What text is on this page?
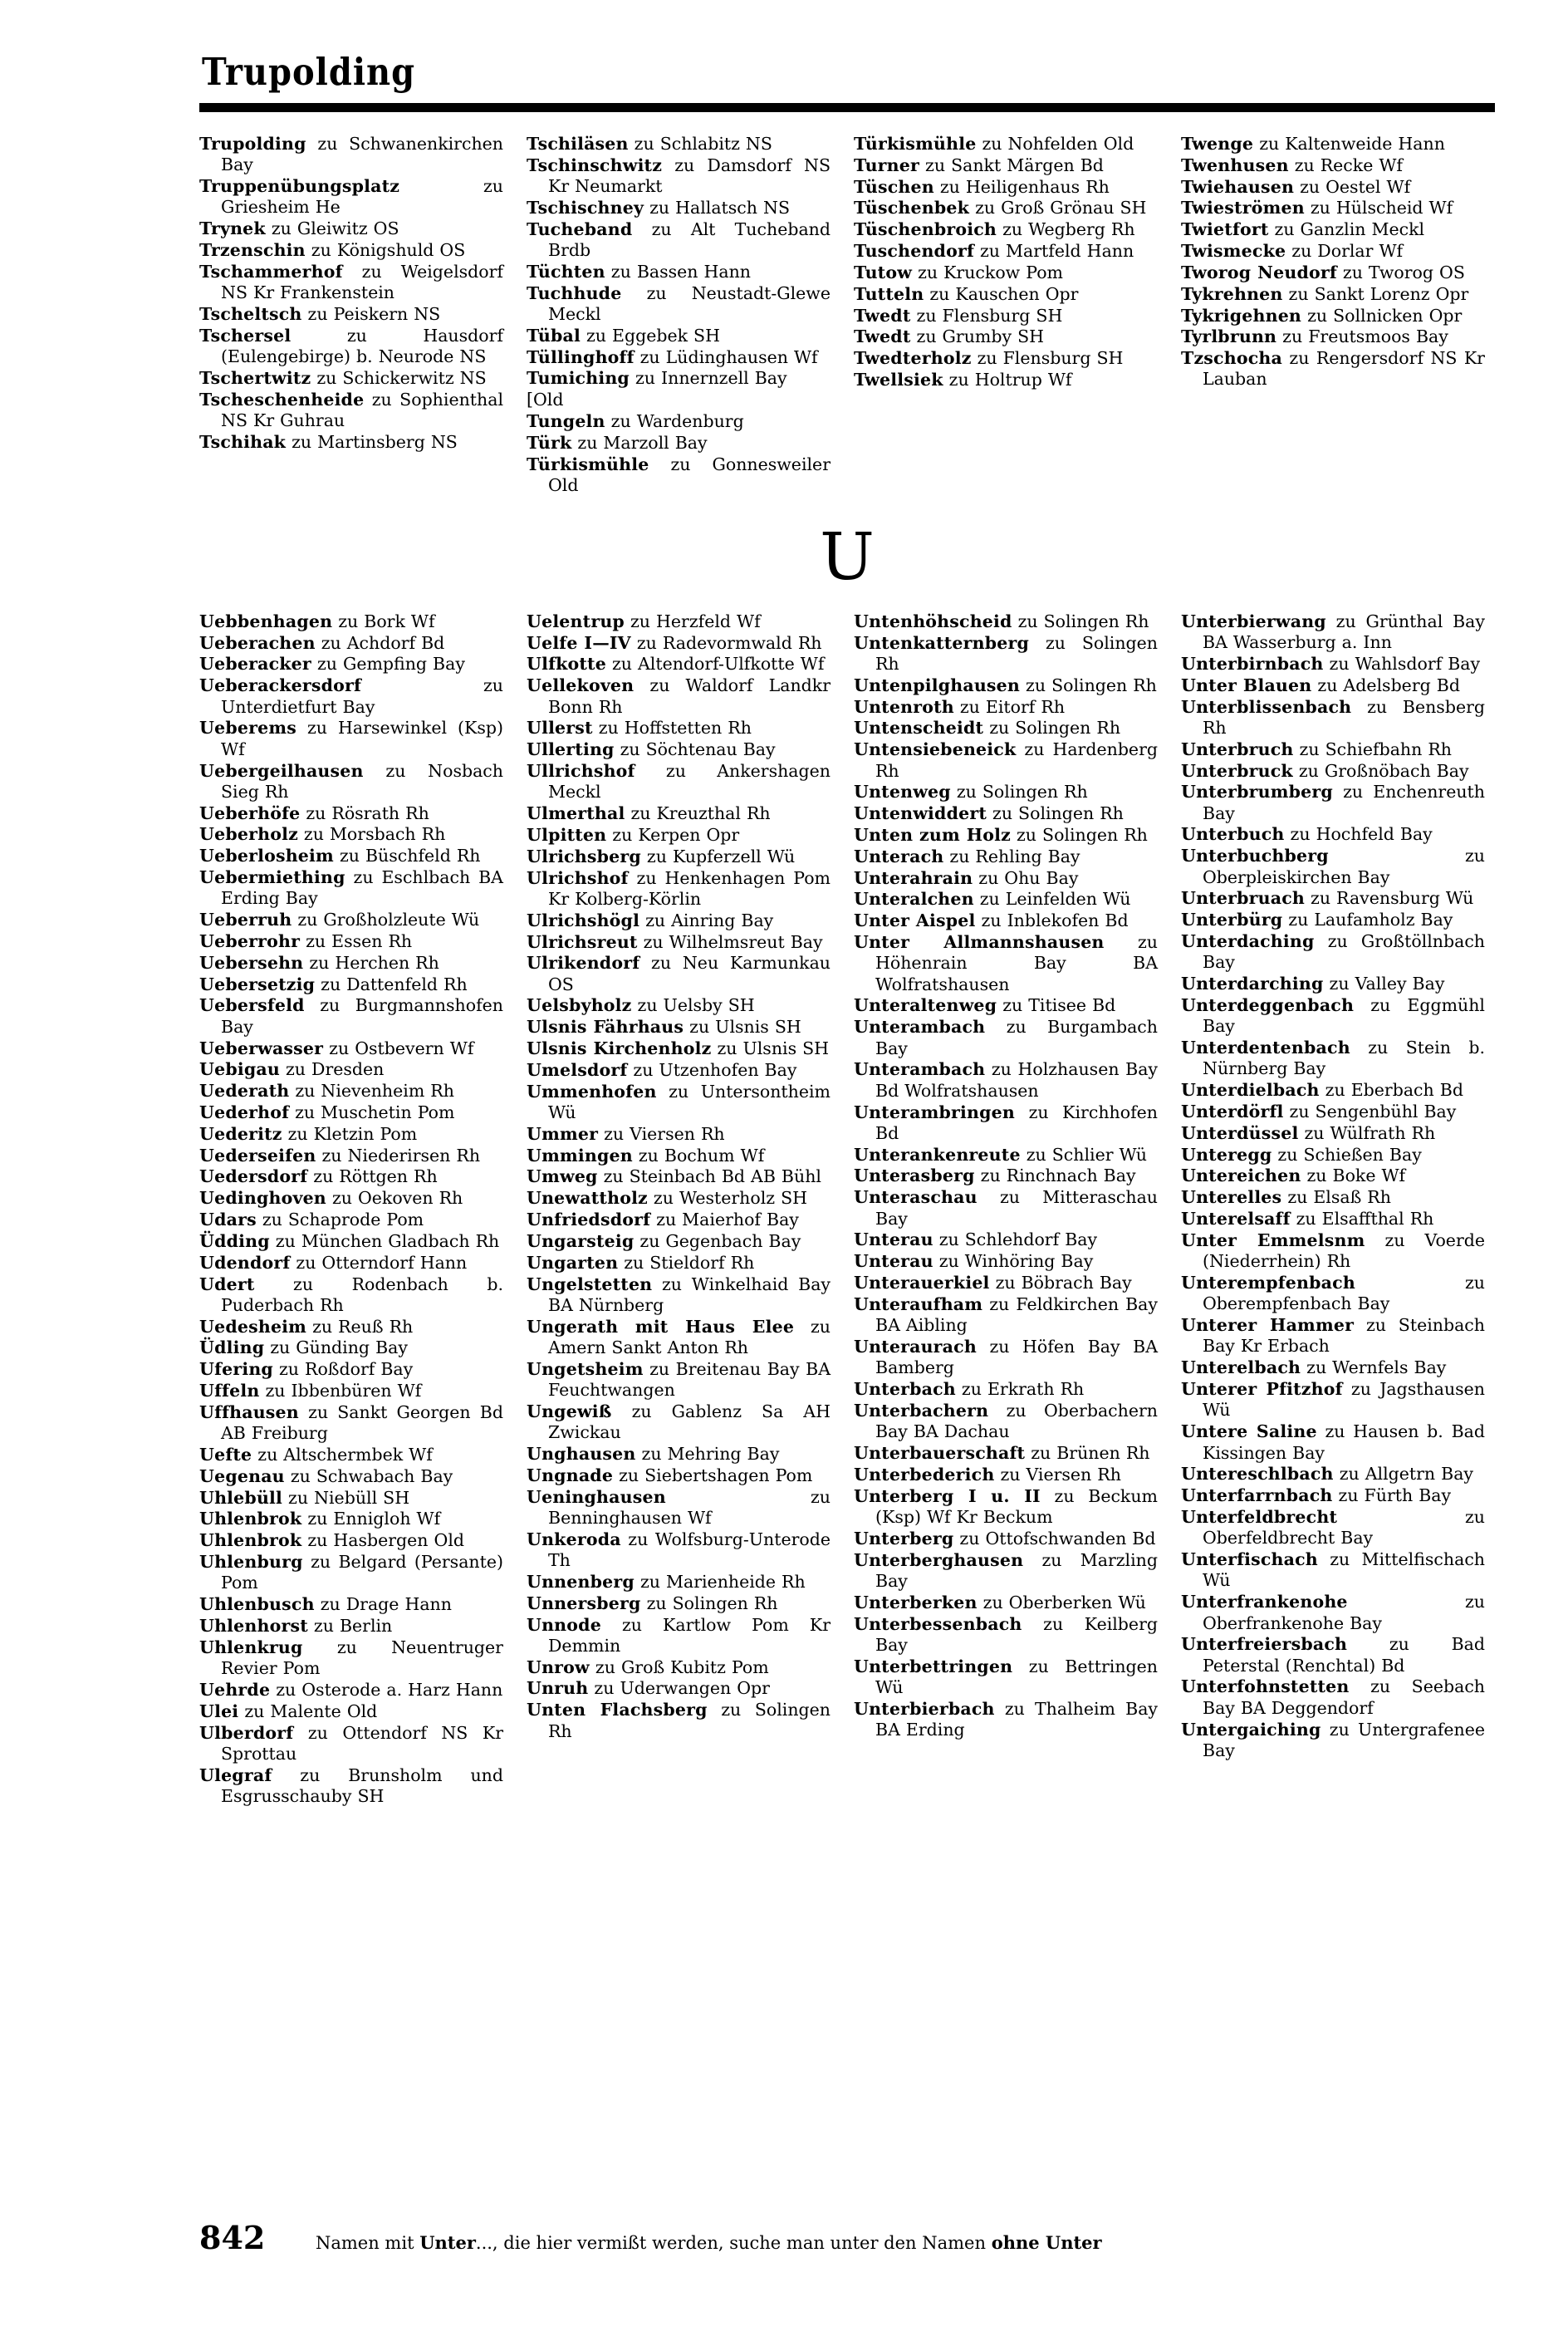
Trupolding

Trupolding zu Schwanenkirchen Bay

Truppenübungsplatz zu Griesheim He

Trynek zu Gleiwitz OS

Trzenschin zu Königshuld OS

Tschammerhof zu Weigelsdorf NS Kr Frankenstein

Tscheltsch zu Peiskern NS

Tschersel zu Hausdorf (Eulengebirge) b. Neurode NS

Tschertwitz zu Schickerwitz NS

Tscheschenheide zu Sophienthal NS Kr Guhrau

Tschihak zu Martinsberg NS

Tschiläsen zu Schlabitz NS

Tschinschwitz zu Damsdorf NS Kr Neumarkt

Tschischney zu Hallatsch NS

Tucheband zu Alt Tucheband Brdb

Tüchten zu Bassen Hann

Tuchhude zu Neustadt-Glewe Meckl

Tübal zu Eggebek SH

Tüllinghoff zu Lüdinghausen Wf

Tumiching zu Innernzell Bay

[Old

Tungeln zu Wardenburg

Türk zu Marzoll Bay

Türkismühle zu Gonnesweiler Old

Türkismühle zu Nohfelden Old

Turner zu Sankt Märgen Bd

Tüschen zu Heiligenhaus Rh

Tüschenbek zu Groß Grönau SH

Tüschenbroich zu Wegberg Rh

Tuschendorf zu Martfeld Hann

Tutow zu Kruckow Pom

Tutteln zu Kauschen Opr

Twedt zu Flensburg SH

Twedt zu Grumby SH

Twedterholz zu Flensburg SH

Twellsiek zu Holtrup Wf

Twenge zu Kaltenweide Hann

Twenhusen zu Recke Wf

Twiehausen zu Oestel Wf

Twieströmen zu Hülscheid Wf

Twietfort zu Ganzlin Meckl

Twismecke zu Dorlar Wf

Tworog Neudorf zu Tworog OS

Tykrehnen zu Sankt Lorenz Opr

Tykrigehnen zu Sollnicken Opr

Tyrlbrunn zu Freutsmoos Bay

Tzschocha zu Rengersdorf NS Kr Lauban

U

Uebbenhagen zu Bork Wf

Ueberachen zu Achdorf Bd

Ueberacker zu Gempfing Bay

Ueberackersdorf zu Unterdietfurt Bay

Ueberems zu Harsewinkel (Ksp) Wf

Uebergeilhausen zu Nosbach Sieg Rh

Ueberhöfe zu Rösrath Rh

Ueberholz zu Morsbach Rh

Ueberlosheim zu Büschfeld Rh

Uebermiething zu Eschlbach BA Erding Bay

Ueberruh zu Großholzleute Wü

Ueberrohr zu Essen Rh

Uebersehn zu Herchen Rh

Uebersetzig zu Dattenfeld Rh

Uebersfeld zu Burgmannshofen Bay

Ueberwasser zu Ostbevern Wf

Uebigau zu Dresden

Uederath zu Nievenheim Rh

Uederhof zu Muschetin Pom

Uederitz zu Kletzin Pom

Uederseifen zu Niederirsen Rh

Uedersdorf zu Röttgen Rh

Uedinghoven zu Oekoven Rh

Udars zu Schaprode Pom

Üdding zu München Gladbach Rh

Udendorf zu Otterndorf Hann

Udert zu Rodenbach b. Puderbach Rh

Uedesheim zu Reuß Rh

Üdling zu Günding Bay

Ufering zu Roßdorf Bay

Uffeln zu Ibbenbüren Wf

Uffhausen zu Sankt Georgen Bd AB Freiburg

Uefte zu Altschermbek Wf

Uegenau zu Schwabach Bay

Uhlebüll zu Niebüll SH

Uhlenbrok zu Ennigloh Wf

Uhlenbrok zu Hasbergen Old

Uhlenburg zu Belgard (Persante) Pom

Uhlenbusch zu Drage Hann

Uhlenhorst zu Berlin

Uhlenkrug zu Neuentruger Revier Pom

Uehrde zu Osterode a. Harz Hann

Ulei zu Malente Old

Ulberdorf zu Ottendorf NS Kr Sprottau

Ulegraf zu Brunsholm und Esgrusschauby SH

Uelentrup zu Herzfeld Wf

Uelfe I—IV zu Radevormwald Rh

Ulfkotte zu Altendorf-Ulfkotte Wf

Uellekoven zu Waldorf Landkr Bonn Rh

Ullerst zu Hoffstetten Rh

Ullerting zu Söchtenau Bay

Ullrichshof zu Ankershagen Meckl

Ulmerthal zu Kreuzthal Rh

Ulpitten zu Kerpen Opr

Ulrichsberg zu Kupferzell Wü

Ulrichshof zu Henkenhagen Pom Kr Kolberg-Körlin

Ulrichshögl zu Ainring Bay

Ulrichsreut zu Wilhelmsreut Bay

Ulrikendorf zu Neu Karmunkau OS

Uelsbyholz zu Uelsby SH

Ulsnis Fährhaus zu Ulsnis SH

Ulsnis Kirchenholz zu Ulsnis SH

Umelsdorf zu Utzenhofen Bay

Ummenhofen zu Untersontheim Wü

Ummer zu Viersen Rh

Ummingen zu Bochum Wf

Umweg zu Steinbach Bd AB Bühl

Unewattholz zu Westerholz SH

Unfriedsdorf zu Maierhof Bay

Ungarsteig zu Gegenbach Bay

Ungarten zu Stieldorf Rh

Ungelstetten zu Winkelhaid Bay BA Nürnberg

Ungerath mit Haus Elee zu Amern Sankt Anton Rh

Ungetsheim zu Breitenau Bay BA Feuchtwangen

Ungewiß zu Gablenz Sa AH Zwickau

Unghausen zu Mehring Bay

Ungnade zu Siebertshagen Pom

Ueninghausen zu Benninghausen Wf

Unkeroda zu Wolfsburg-Unterode Th

Unnenberg zu Marienheide Rh

Unnersberg zu Solingen Rh

Unnode zu Kartlow Pom Kr Demmin

Unrow zu Groß Kubitz Pom

Unruh zu Uderwangen Opr

Unten Flachsberg zu Solingen Rh

Untenhöhscheid zu Solingen Rh

Untenkatternberg zu Solingen Rh

Untenpilghausen zu Solingen Rh

Untenroth zu Eitorf Rh

Untenscheidt zu Solingen Rh

Untensiebeneick zu Hardenberg Rh

Untenweg zu Solingen Rh

Untenwiddert zu Solingen Rh

Unten zum Holz zu Solingen Rh

Unterach zu Rehling Bay

Unterahrain zu Ohu Bay

Unteralchen zu Leinfelden Wü

Unter Aispel zu Inblekofen Bd

Unter Allmannshausen zu Höhenrain Bay BA Wolfratshausen

Unteraltenweg zu Titisee Bd

Unterambach zu Burgambach Bay

Unterambach zu Holzhausen Bay Bd Wolfratshausen

Unterambringen zu Kirchhofen Bd

Unterankenreute zu Schlier Wü

Unterasberg zu Rinchnach Bay

Unteraschau zu Mitteraschau Bay

Unterau zu Schlehdorf Bay

Unterau zu Winhöring Bay

Unterauerkiel zu Böbrach Bay

Unteraufham zu Feldkirchen Bay BA Aibling

Unteraurach zu Höfen Bay BA Bamberg

Unterbach zu Erkrath Rh

Unterbachern zu Oberbachern Bay BA Dachau

Unterbauerschaft zu Brünen Rh

Unterbederich zu Viersen Rh

Unterberg I u. II zu Beckum (Ksp) Wf Kr Beckum

Unterberg zu Ottofschwanden Bd

Unterberghausen zu Marzling Bay

Unterberken zu Oberberken Wü

Unterbessenbach zu Keilberg Bay

Unterbettringen zu Bettringen Wü

Unterbierbach zu Thalheim Bay BA Erding

Unterbierwang zu Grünthal Bay BA Wasserburg a. Inn

Unterbirnbach zu Wahlsdorf Bay

Unter Blauen zu Adelsberg Bd

Unterblissenbach zu Bensberg Rh

Unterbruch zu Schiefbahn Rh

Unterbruck zu Großnöbach Bay

Unterbrumberg zu Enchenreuth Bay

Unterbuch zu Hochfeld Bay

Unterbuchberg zu Oberpleiskirchen Bay

Unterbruach zu Ravensburg Wü

Unterbürg zu Laufamholz Bay

Unterdaching zu Großtöllnbach Bay

Unterdarching zu Valley Bay

Unterdeggenbach zu Eggmühl Bay

Unterdentenbach zu Stein b. Nürnberg Bay

Unterdielbach zu Eberbach Bd

Unterdörfl zu Sengenbühl Bay

Unterdüssel zu Wülfrath Rh

Unteregg zu Schießen Bay

Untereichen zu Bokе Wf

Unterelles zu Elsaß Rh

Unterelsaff zu Elsaffthal Rh

Unter Emmelsnm zu Voerde (Niederrhein) Rh

Unterempfenbach zu Oberempfenbach Bay

Unterer Hammer zu Steinbach Bay Kr Erbach

Unterelbach zu Wernfels Bay

Unterer Pfitzhof zu Jagsthausen Wü

Untere Saline zu Hausen b. Bad Kissingen Bay

Untereschlbach zu Allgetrn Bay

Unterfarrnbach zu Fürth Bay

Unterfeldbrecht zu Oberfeldbrecht Bay

Unterfischach zu Mittelfischach Wü

Unterfrankenohe zu Oberfrankenohe Bay

Unterfreiersbach zu Bad Peterstal (Renchtal) Bd

Unterfohnstetten zu Seebach Bay BA Deggendorf

Untergaiching zu Untergrafenee Bay

842	Namen mit Unter..., die hier vermißt werden, suche man unter den Namen ohne Unter
